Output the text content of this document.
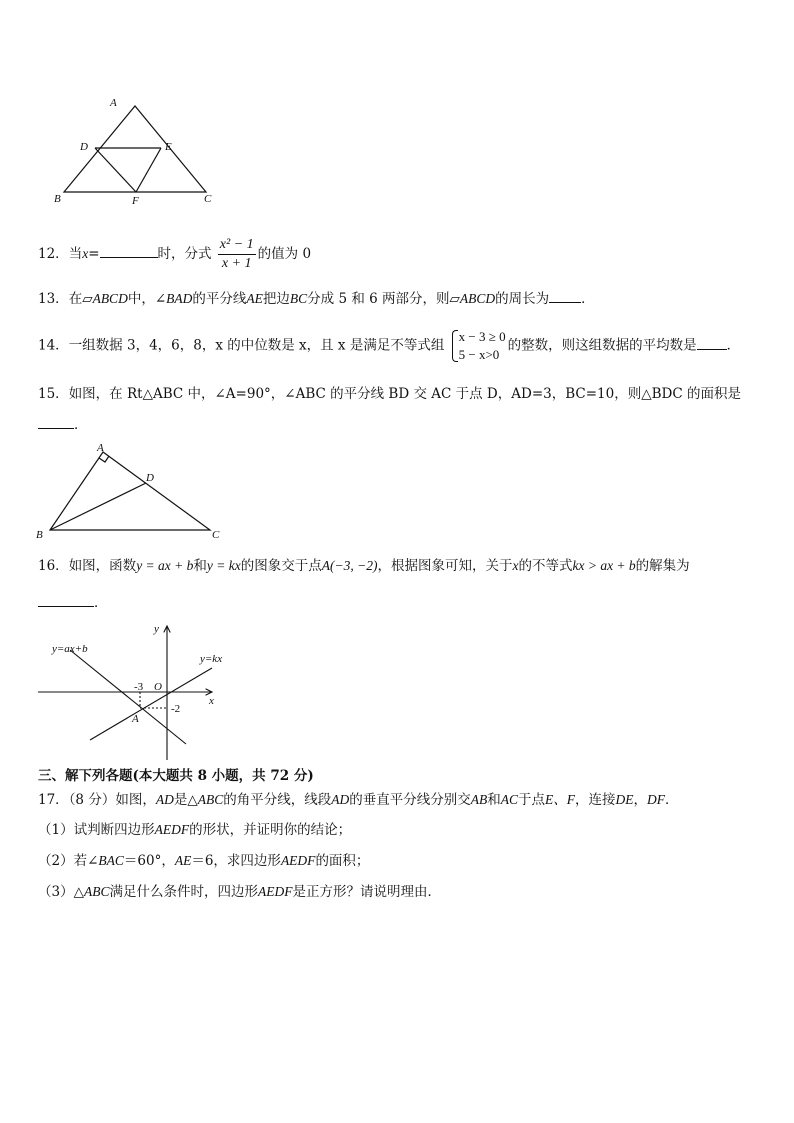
A
D	E
B	F	C
12．当x=	时，分式 $\frac{\text{x² − 1}}{x + 1}$ 的值为 0
13．在▱ABCD中，∠BAD的平分线AE把边BC分成 5 和 6 两部分，则▱ABCD的周长为 ．
14．一组数据 3，4，6，8，x 的中位数是 x，且 x 是满足不等式组
x − 3 ≥ 0
5 − x>0
的整数，则这组数据的平均数是 ．
15．如图，在 Rt△ABC 中，∠A=90°，∠ABC 的平分线 BD 交 AC 于点 D，AD=3，BC=10，则△BDC 的面积是
．
A
D
B	C
16．如图，函数y = ax + b和y = kx的图象交于点A(−3, −2)，根据图象可知，关于x的不等式kx > ax + b的解集为
．
y
x
y=ax+b
y=kx
O
A
-3
-2
三、解下列各题(本大题共 8 小题，共 72 分)
17．（8 分）如图，AD是△ABC的角平分线，线段AD的垂直平分线分别交AB和AC于点E、F，连接DE，DF．
（1）试判断四边形AEDF的形状，并证明你的结论；
（2）若∠BAC＝60°，AE＝6，求四边形AEDF的面积；
（3）△ABC满足什么条件时，四边形AEDF是正方形？请说明理由．
